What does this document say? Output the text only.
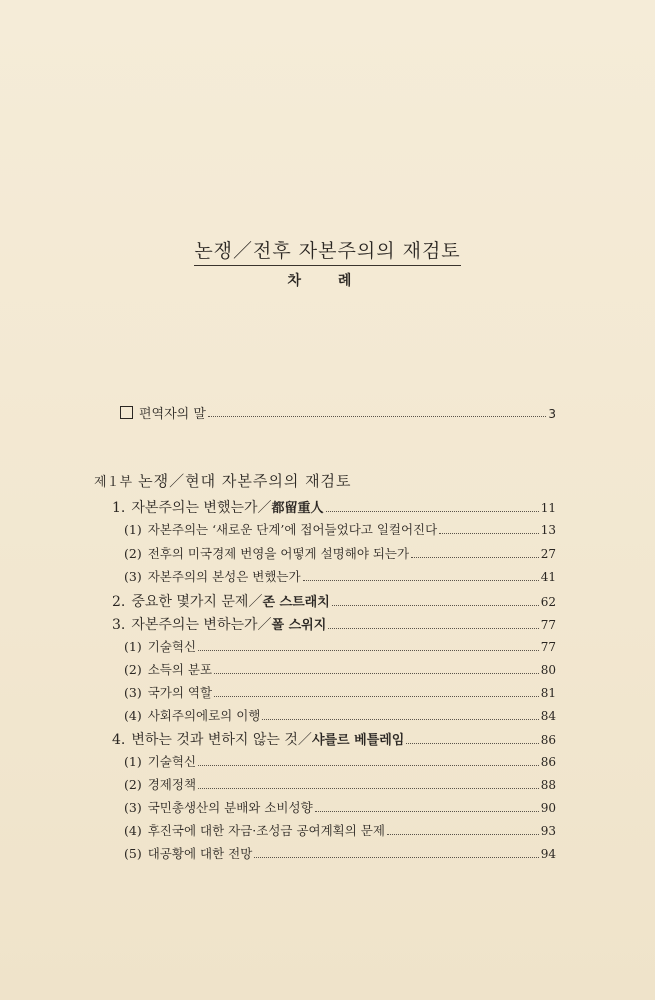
논쟁／전후 자본주의의 재검토
차 례
편역자의 말	3
제１부 논쟁／현대 자본주의의 재검토
1. 자본주의는 변했는가／都留重人	11
(1) 자본주의는 ‘새로운 단계’에 접어들었다고 일컬어진다	13
(2) 전후의 미국경제 번영을 어떻게 설명해야 되는가	27
(3) 자본주의의 본성은 변했는가	41
2. 중요한 몇가지 문제／존 스트래치	62
3. 자본주의는 변하는가／폴 스위지	77
(1) 기술혁신	77
(2) 소득의 분포	80
(3) 국가의 역할	81
(4) 사회주의에로의 이행	84
4. 변하는 것과 변하지 않는 것／샤를르 베틀레임	86
(1) 기술혁신	86
(2) 경제정책	88
(3) 국민총생산의 분배와 소비성향	90
(4) 후진국에 대한 자금·조성금 공여계획의 문제	93
(5) 대공황에 대한 전망	94
